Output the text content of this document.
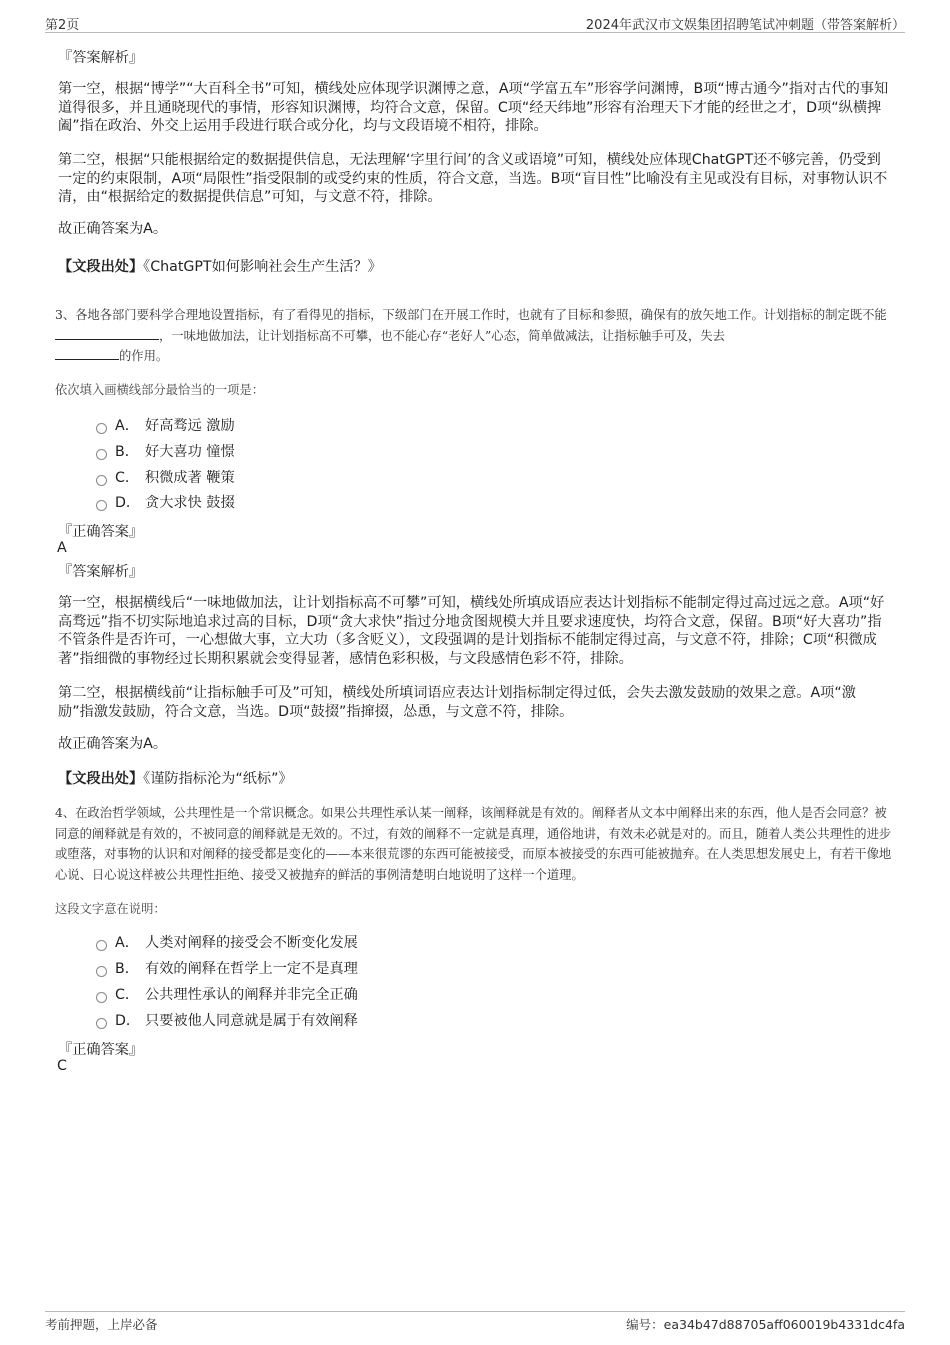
第2页	2024年武汉市文娱集团招聘笔试冲刺题（带答案解析）
『答案解析』

第一空，根据“博学”“大百科全书”可知，横线处应体现学识渊博之意，A项“学富五车”形容学问渊博，B项“博古通今”指对古代的事知道得很多，并且通晓现代的事情，形容知识渊博，均符合文意，保留。C项“经天纬地”形容有治理天下才能的经世之才，D项“纵横捭阖”指在政治、外交上运用手段进行联合或分化，均与文段语境不相符，排除。

第二空，根据“只能根据给定的数据提供信息，无法理解‘字里行间’的含义或语境”可知，横线处应体现ChatGPT还不够完善，仍受到一定的约束限制，A项“局限性”指受限制的或受约束的性质，符合文意，当选。B项“盲目性”比喻没有主见或没有目标，对事物认识不清，由“根据给定的数据提供信息”可知，与文意不符，排除。

故正确答案为A。
【文段出处】《ChatGPT如何影响社会生产生活？》

3、各地各部门要科学合理地设置指标，有了看得见的指标，下级部门在开展工作时，也就有了目标和参照，确保有的放矢地工作。计划指标的制定既不能，一味地做加法，让计划指标高不可攀，也不能心存“老好人”心态，简单做减法，让指标触手可及，失去
的作用。

依次填入画横线部分最恰当的一项是：
A． 好高骛远 激励
B． 好大喜功 憧憬
C． 积微成著 鞭策
D． 贪大求快 鼓掇
『正确答案』
A
『答案解析』

第一空，根据横线后“一味地做加法，让计划指标高不可攀”可知，横线处所填成语应表达计划指标不能制定得过高过远之意。A项“好高骛远”指不切实际地追求过高的目标，D项“贪大求快”指过分地贪图规模大并且要求速度快，均符合文意，保留。B项“好大喜功”指不管条件是否许可，一心想做大事，立大功（多含贬义），文段强调的是计划指标不能制定得过高，与文意不符，排除；C项“积微成著”指细微的事物经过长期积累就会变得显著，感情色彩积极，与文段感情色彩不符，排除。

第二空，根据横线前“让指标触手可及”可知，横线处所填词语应表达计划指标制定得过低，会失去激发鼓励的效果之意。A项“激励”指激发鼓励，符合文意，当选。D项“鼓掇”指撺掇，怂恿，与文意不符，排除。

故正确答案为A。
【文段出处】《谨防指标沦为“纸标”》

4、在政治哲学领域，公共理性是一个常识概念。如果公共理性承认某一阐释，该阐释就是有效的。阐释者从文本中阐释出来的东西，他人是否会同意？被同意的阐释就是有效的，不被同意的阐释就是无效的。不过，有效的阐释不一定就是真理，通俗地讲，有效未必就是对的。而且，随着人类公共理性的进步或堕落，对事物的认识和对阐释的接受都是变化的——本来很荒谬的东西可能被接受，而原本被接受的东西可能被抛弃。在人类思想发展史上，有若干像地心说、日心说这样被公共理性拒绝、接受又被抛弃的鲜活的事例清楚明白地说明了这样一个道理。

这段文字意在说明：
A． 人类对阐释的接受会不断变化发展
B． 有效的阐释在哲学上一定不是真理
C． 公共理性承认的阐释并非完全正确
D． 只要被他人同意就是属于有效阐释
『正确答案』
C
考前押题，上岸必备	编号：ea34b47d88705aff060019b4331dc4fa
